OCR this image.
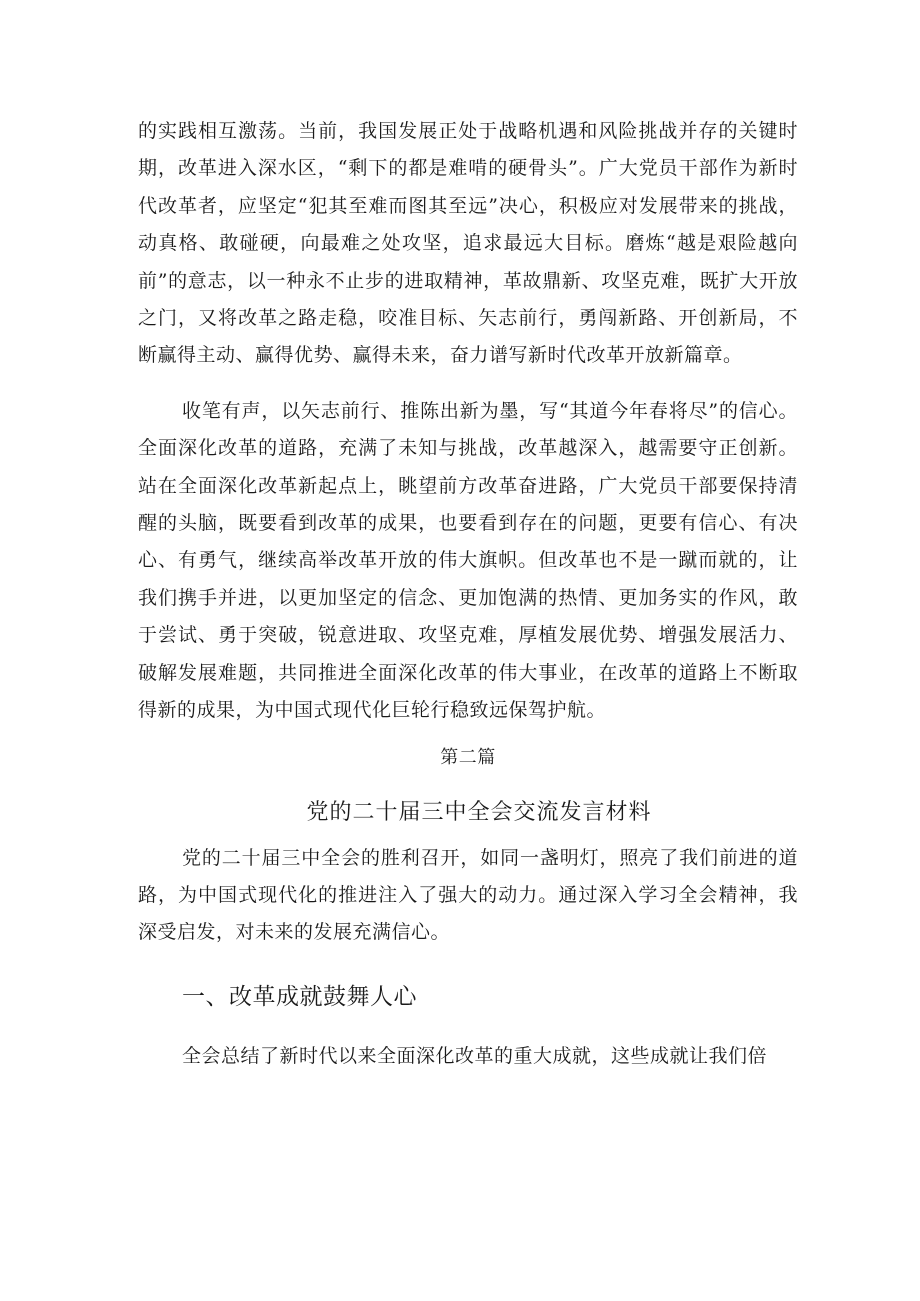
的实践相互激荡。当前，我国发展正处于战略机遇和风险挑战并存的关键时期，改革进入深水区，“剩下的都是难啃的硬骨头”。广大党员干部作为新时代改革者，应坚定“犯其至难而图其至远”决心，积极应对发展带来的挑战，动真格、敢碰硬，向最难之处攻坚，追求最远大目标。磨炼“越是艰险越向前”的意志，以一种永不止步的进取精神，革故鼎新、攻坚克难，既扩大开放之门，又将改革之路走稳，咬准目标、矢志前行，勇闯新路、开创新局，不断赢得主动、赢得优势、赢得未来，奋力谱写新时代改革开放新篇章。

收笔有声，以矢志前行、推陈出新为墨，写“其道今年春将尽”的信心。全面深化改革的道路，充满了未知与挑战，改革越深入，越需要守正创新。站在全面深化改革新起点上，眺望前方改革奋进路，广大党员干部要保持清醒的头脑，既要看到改革的成果，也要看到存在的问题，更要有信心、有决心、有勇气，继续高举改革开放的伟大旗帜。但改革也不是一蹴而就的，让我们携手并进，以更加坚定的信念、更加饱满的热情、更加务实的作风，敢于尝试、勇于突破，锐意进取、攻坚克难，厚植发展优势、增强发展活力、破解发展难题，共同推进全面深化改革的伟大事业，在改革的道路上不断取得新的成果，为中国式现代化巨轮行稳致远保驾护航。

第二篇

党的二十届三中全会交流发言材料

党的二十届三中全会的胜利召开，如同一盏明灯，照亮了我们前进的道路，为中国式现代化的推进注入了强大的动力。通过深入学习全会精神，我深受启发，对未来的发展充满信心。

一、改革成就鼓舞人心

全会总结了新时代以来全面深化改革的重大成就，这些成就让我们倍
